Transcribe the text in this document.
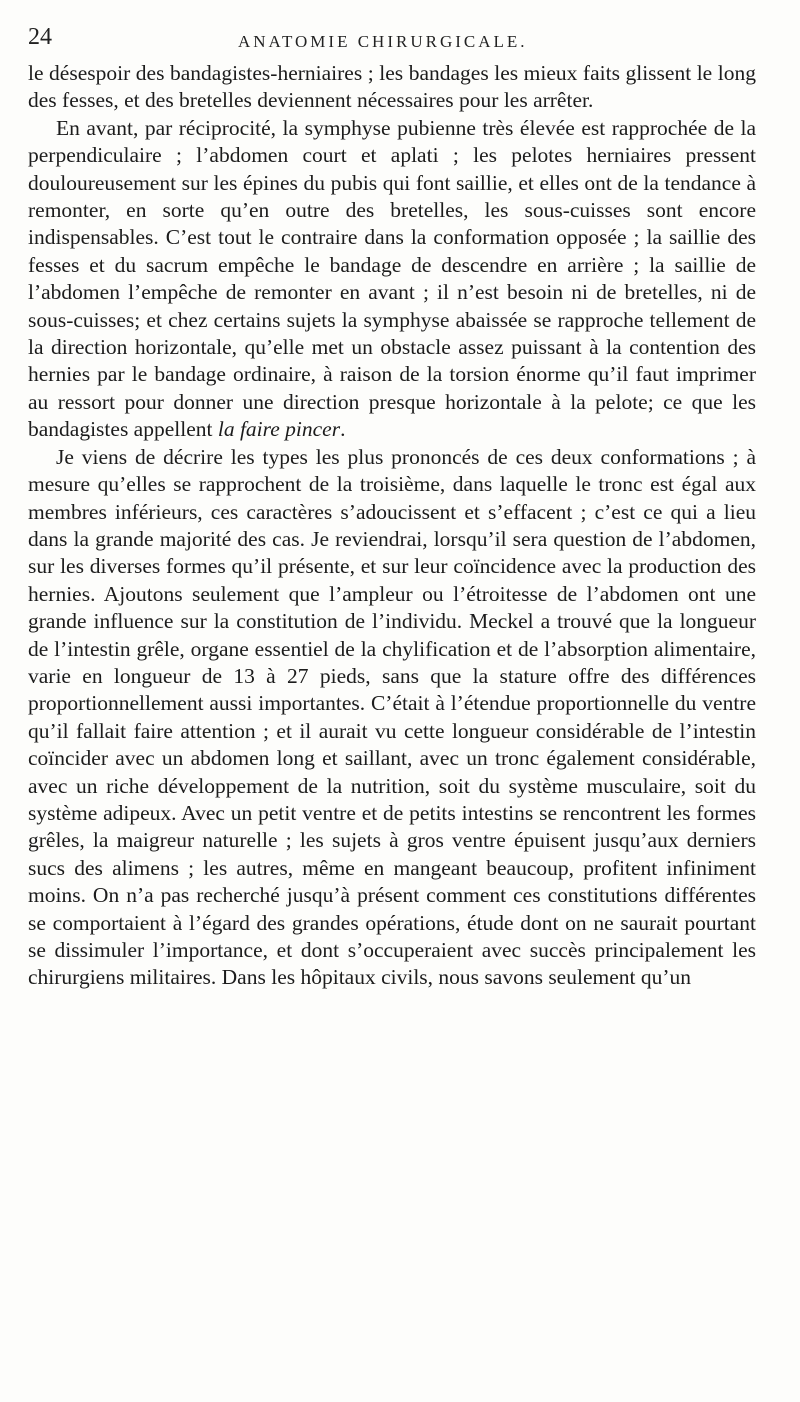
24	ANATOMIE CHIRURGICALE.

le désespoir des bandagistes-herniaires ; les bandages les mieux faits glissent le long des fesses, et des bretelles deviennent nécessaires pour les arrêter.

En avant, par réciprocité, la symphyse pubienne très élevée est rapprochée de la perpendiculaire ; l’abdomen court et aplati ; les pelotes herniaires pressent douloureusement sur les épines du pubis qui font saillie, et elles ont de la tendance à remonter, en sorte qu’en outre des bretelles, les sous-cuisses sont encore indispensables. C’est tout le contraire dans la conformation opposée ; la saillie des fesses et du sacrum empêche le bandage de descendre en arrière ; la saillie de l’abdomen l’empêche de remonter en avant ; il n’est besoin ni de bretelles, ni de sous-cuisses; et chez certains sujets la symphyse abaissée se rapproche tellement de la direction horizontale, qu’elle met un obstacle assez puissant à la contention des hernies par le bandage ordinaire, à raison de la torsion énorme qu’il faut imprimer au ressort pour donner une direction presque horizontale à la pelote; ce que les bandagistes appellent la faire pincer.

Je viens de décrire les types les plus prononcés de ces deux conformations ; à mesure qu’elles se rapprochent de la troisième, dans laquelle le tronc est égal aux membres inférieurs, ces caractères s’adoucissent et s’effacent ; c’est ce qui a lieu dans la grande majorité des cas. Je reviendrai, lorsqu’il sera question de l’abdomen, sur les diverses formes qu’il présente, et sur leur coïncidence avec la production des hernies. Ajoutons seulement que l’ampleur ou l’étroitesse de l’abdomen ont une grande influence sur la constitution de l’individu. Meckel a trouvé que la longueur de l’intestin grêle, organe essentiel de la chylification et de l’absorption alimentaire, varie en longueur de 13 à 27 pieds, sans que la stature offre des différences proportionnellement aussi importantes. C’était à l’étendue proportionnelle du ventre qu’il fallait faire attention ; et il aurait vu cette longueur considérable de l’intestin coïncider avec un abdomen long et saillant, avec un tronc également considérable, avec un riche développement de la nutrition, soit du système musculaire, soit du système adipeux. Avec un petit ventre et de petits intestins se rencontrent les formes grêles, la maigreur naturelle ; les sujets à gros ventre épuisent jusqu’aux derniers sucs des alimens ; les autres, même en mangeant beaucoup, profitent infiniment moins. On n’a pas recherché jusqu’à présent comment ces constitutions différentes se comportaient à l’égard des grandes opérations, étude dont on ne saurait pourtant se dissimuler l’importance, et dont s’occuperaient avec succès principalement les chirurgiens militaires. Dans les hôpitaux civils, nous savons seulement qu’un
